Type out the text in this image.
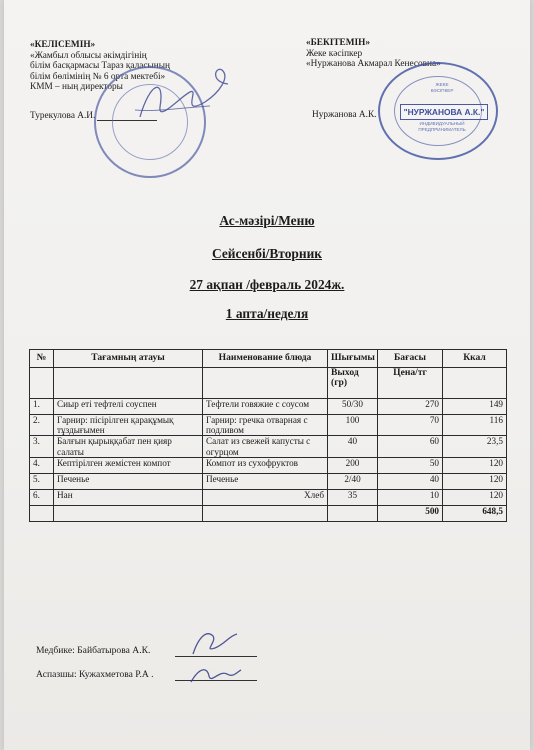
«КЕЛІСЕМІН»
«Жамбыл облысы әкімдігінің
білім басқармасы Тараз қаласының
білім бөлімінің № 6 орта мектебі»
КММ – ның директоры
Турекулова А.И.
«БЕКІТЕМІН»
Жеке кәсіпкер
«Нуржанова Акмарал Кенесовна»
Нуржанова А.К.
ЖЕКЕ
КӘСІПКЕР
"НУРЖАНОВА А.К."
ИНДИВИДУАЛЬНЫЙ
ПРЕДПРИНИМАТЕЛЬ
Ас-мәзірі/Меню
Сейсенбі/Вторник
27 ақпан /февраль 2024ж.
1 апта/неделя
№	Тағамның атауы	Наименование блюда	Шығымы	Бағасы	Ккал
			Выход (гр)	Цена/тг	
1.	Сиыр еті тефтелі соуспен	Тефтели говяжие с соусом	50/30	270	149
2.	Гарнир: пісірілген қарақұмық тұздығымен	Гарнир: гречка отварная с подливом	100	70	116
3.	Балғын қырыққабат пен қияр салаты	Салат из свежей капусты с огурцом	40	60	23,5
4.	Кептірілген жемістен компот	Компот из сухофруктов	200	50	120
5.	Печенье	Печенье	2/40	40	120
6.	Нан	Хлеб	35	10	120
				500	648,5
Медбике: Байбатырова А.К.
Аспазшы: Кужахметова Р.А .
